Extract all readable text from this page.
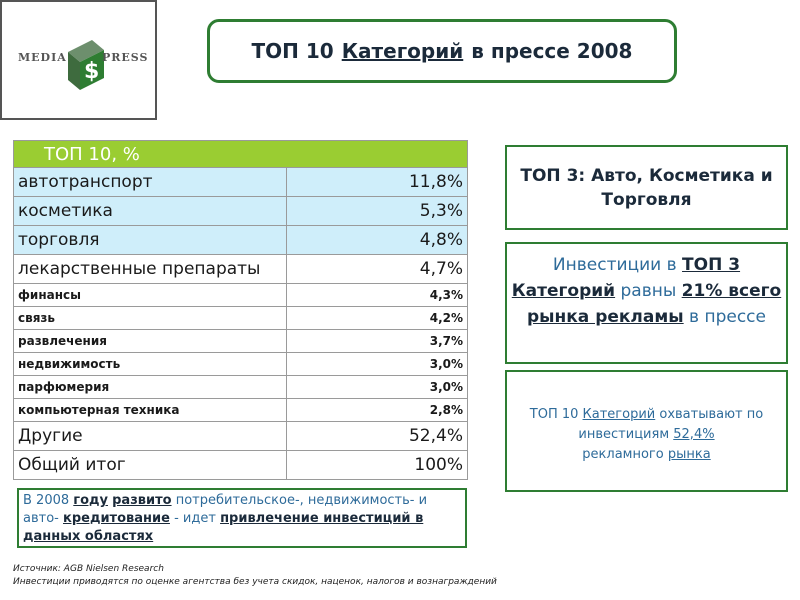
MEDIA
$
PRESS	ТОП 10 Категорий в прессе 2008
ТОП 10, %	
автотранспорт	11,8%
косметика	5,3%
торговля	4,8%
лекарственные препараты	4,7%
финансы	4,3%
связь	4,2%
развлечения	3,7%
недвижимость	3,0%
парфюмерия	3,0%
компьютерная техника	2,8%
Другие	52,4%
Общий итог	100%
ТОП 3: Авто, Косметика и Торговля
Инвестиции в ТОП 3 Категорий равны 21% всего рынка рекламы в прессе
ТОП 10 Категорий охватывают по инвестициям 52,4%
рекламного рынка
В 2008 году развито потребительское-, недвижимость- и авто- кредитование - идет привлечение инвестиций в данных областях
Источник: AGB Nielsen Research
Инвестиции приводятся по оценке агентства без учета скидок, наценок, налогов и вознаграждений
